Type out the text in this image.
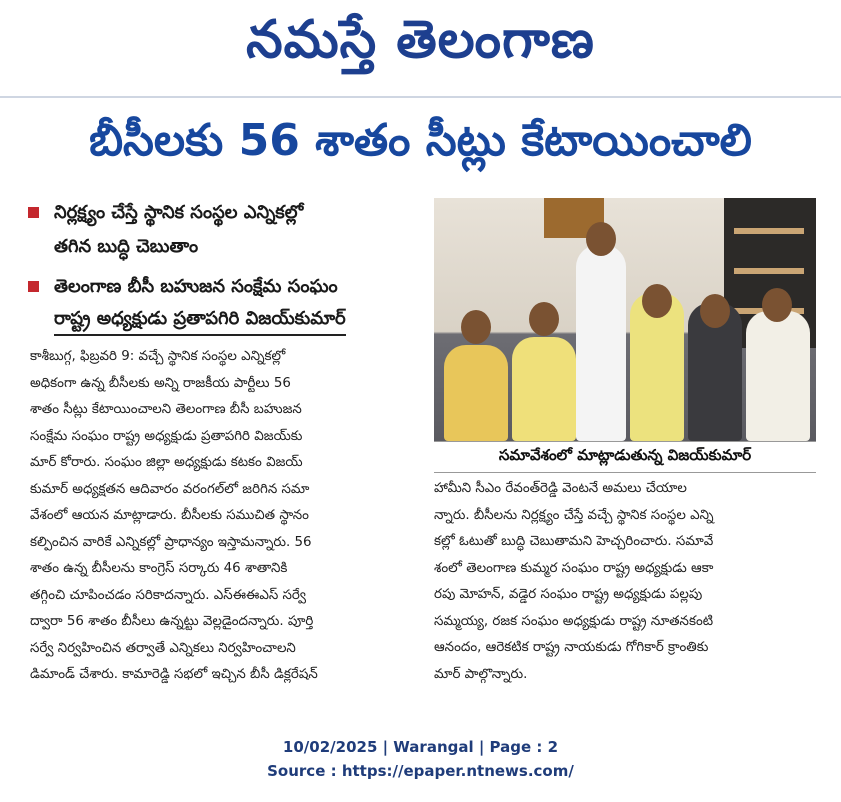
నమస్తే తెలంగాణ
బీసీలకు 56 శాతం సీట్లు కేటాయించాలి
నిర్లక్ష్యం చేస్తే స్థానిక సంస్థల ఎన్నికల్లో
తగిన బుద్ధి చెబుతాం
తెలంగాణ బీసీ బహుజన సంక్షేమ సంఘం
రాష్ట్ర అధ్యక్షుడు ప్రతాపగిరి విజయ్‌కుమార్
కాశీబుగ్గ, ఫిబ్రవరి 9: వచ్చే స్థానిక సంస్థల ఎన్నికల్లో
అధికంగా ఉన్న బీసీలకు అన్ని రాజకీయ పార్టీలు 56
శాతం సీట్లు కేటాయించాలని తెలంగాణ బీసీ బహుజన
సంక్షేమ సంఘం రాష్ట్ర అధ్యక్షుడు ప్రతాపగిరి విజయ్‌కు
మార్ కోరారు. సంఘం జిల్లా అధ్యక్షుడు కటకం విజయ్
కుమార్ అధ్యక్షతన ఆదివారం వరంగల్‌లో జరిగిన సమా
వేశంలో ఆయన మాట్లాడారు. బీసీలకు సముచిత స్థానం
కల్పించిన వారికే ఎన్నికల్లో ప్రాధాన్యం ఇస్తామన్నారు. 56
శాతం ఉన్న బీసీలను కాంగ్రెస్ సర్కారు 46 శాతానికి
తగ్గించి చూపించడం సరికాదన్నారు. ఎస్‌ఈఈఎస్ సర్వే
ద్వారా 56 శాతం బీసీలు ఉన్నట్టు వెల్లడైందన్నారు. పూర్తి
సర్వే నిర్వహించిన తర్వాతే ఎన్నికలు నిర్వహించాలని
డిమాండ్ చేశారు. కామారెడ్డి సభలో ఇచ్చిన బీసీ డిక్లరేషన్
సమావేశంలో మాట్లాడుతున్న విజయ్‌కుమార్
హామీని సీఎం రేవంత్‌రెడ్డి వెంటనే అమలు చేయాల
న్నారు. బీసీలను నిర్లక్ష్యం చేస్తే వచ్చే స్థానిక సంస్థల ఎన్ని
కల్లో ఓటుతో బుద్ధి చెబుతామని హెచ్చరించారు. సమావే
శంలో తెలంగాణ కుమ్మర సంఘం రాష్ట్ర అధ్యక్షుడు ఆకా
రపు మోహన్, వడ్డెర సంఘం రాష్ట్ర అధ్యక్షుడు పల్లపు
సమ్మయ్య, రజక సంఘం అధ్యక్షుడు రాష్ట్ర నూతనకంటి
ఆనందం, ఆరెకటిక రాష్ట్ర నాయకుడు గోగికార్ క్రాంతికు
మార్ పాల్గొన్నారు.
10/02/2025 | Warangal | Page : 2
Source : https://epaper.ntnews.com/
